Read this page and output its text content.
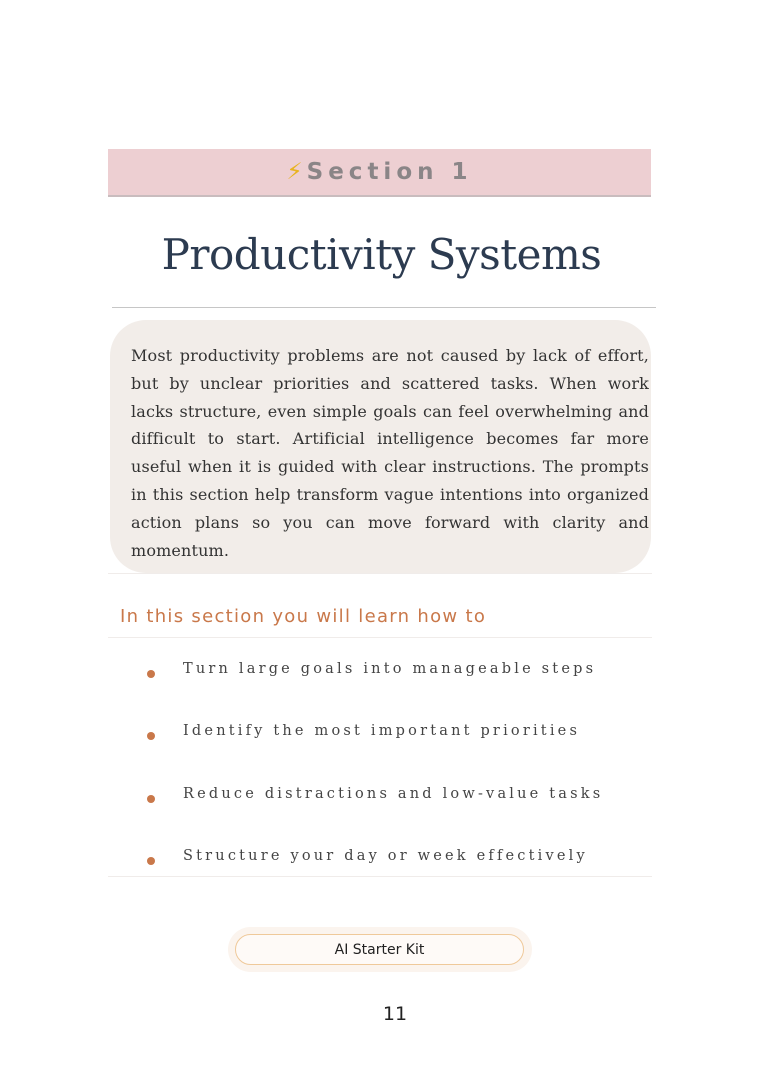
⚡ Section 1
Productivity Systems

Most productivity problems are not caused by lack of effort, but by unclear priorities and scattered tasks. When work lacks structure, even simple goals can feel overwhelming and difficult to start. Artificial intelligence becomes far more useful when it is guided with clear instructions. The prompts in this section help transform vague intentions into organized action plans so you can move forward with clarity and momentum.

In this section you will learn how to
Turn large goals into manageable steps
Identify the most important priorities
Reduce distractions and low-value tasks
Structure your day or week effectively
AI Starter Kit
11
